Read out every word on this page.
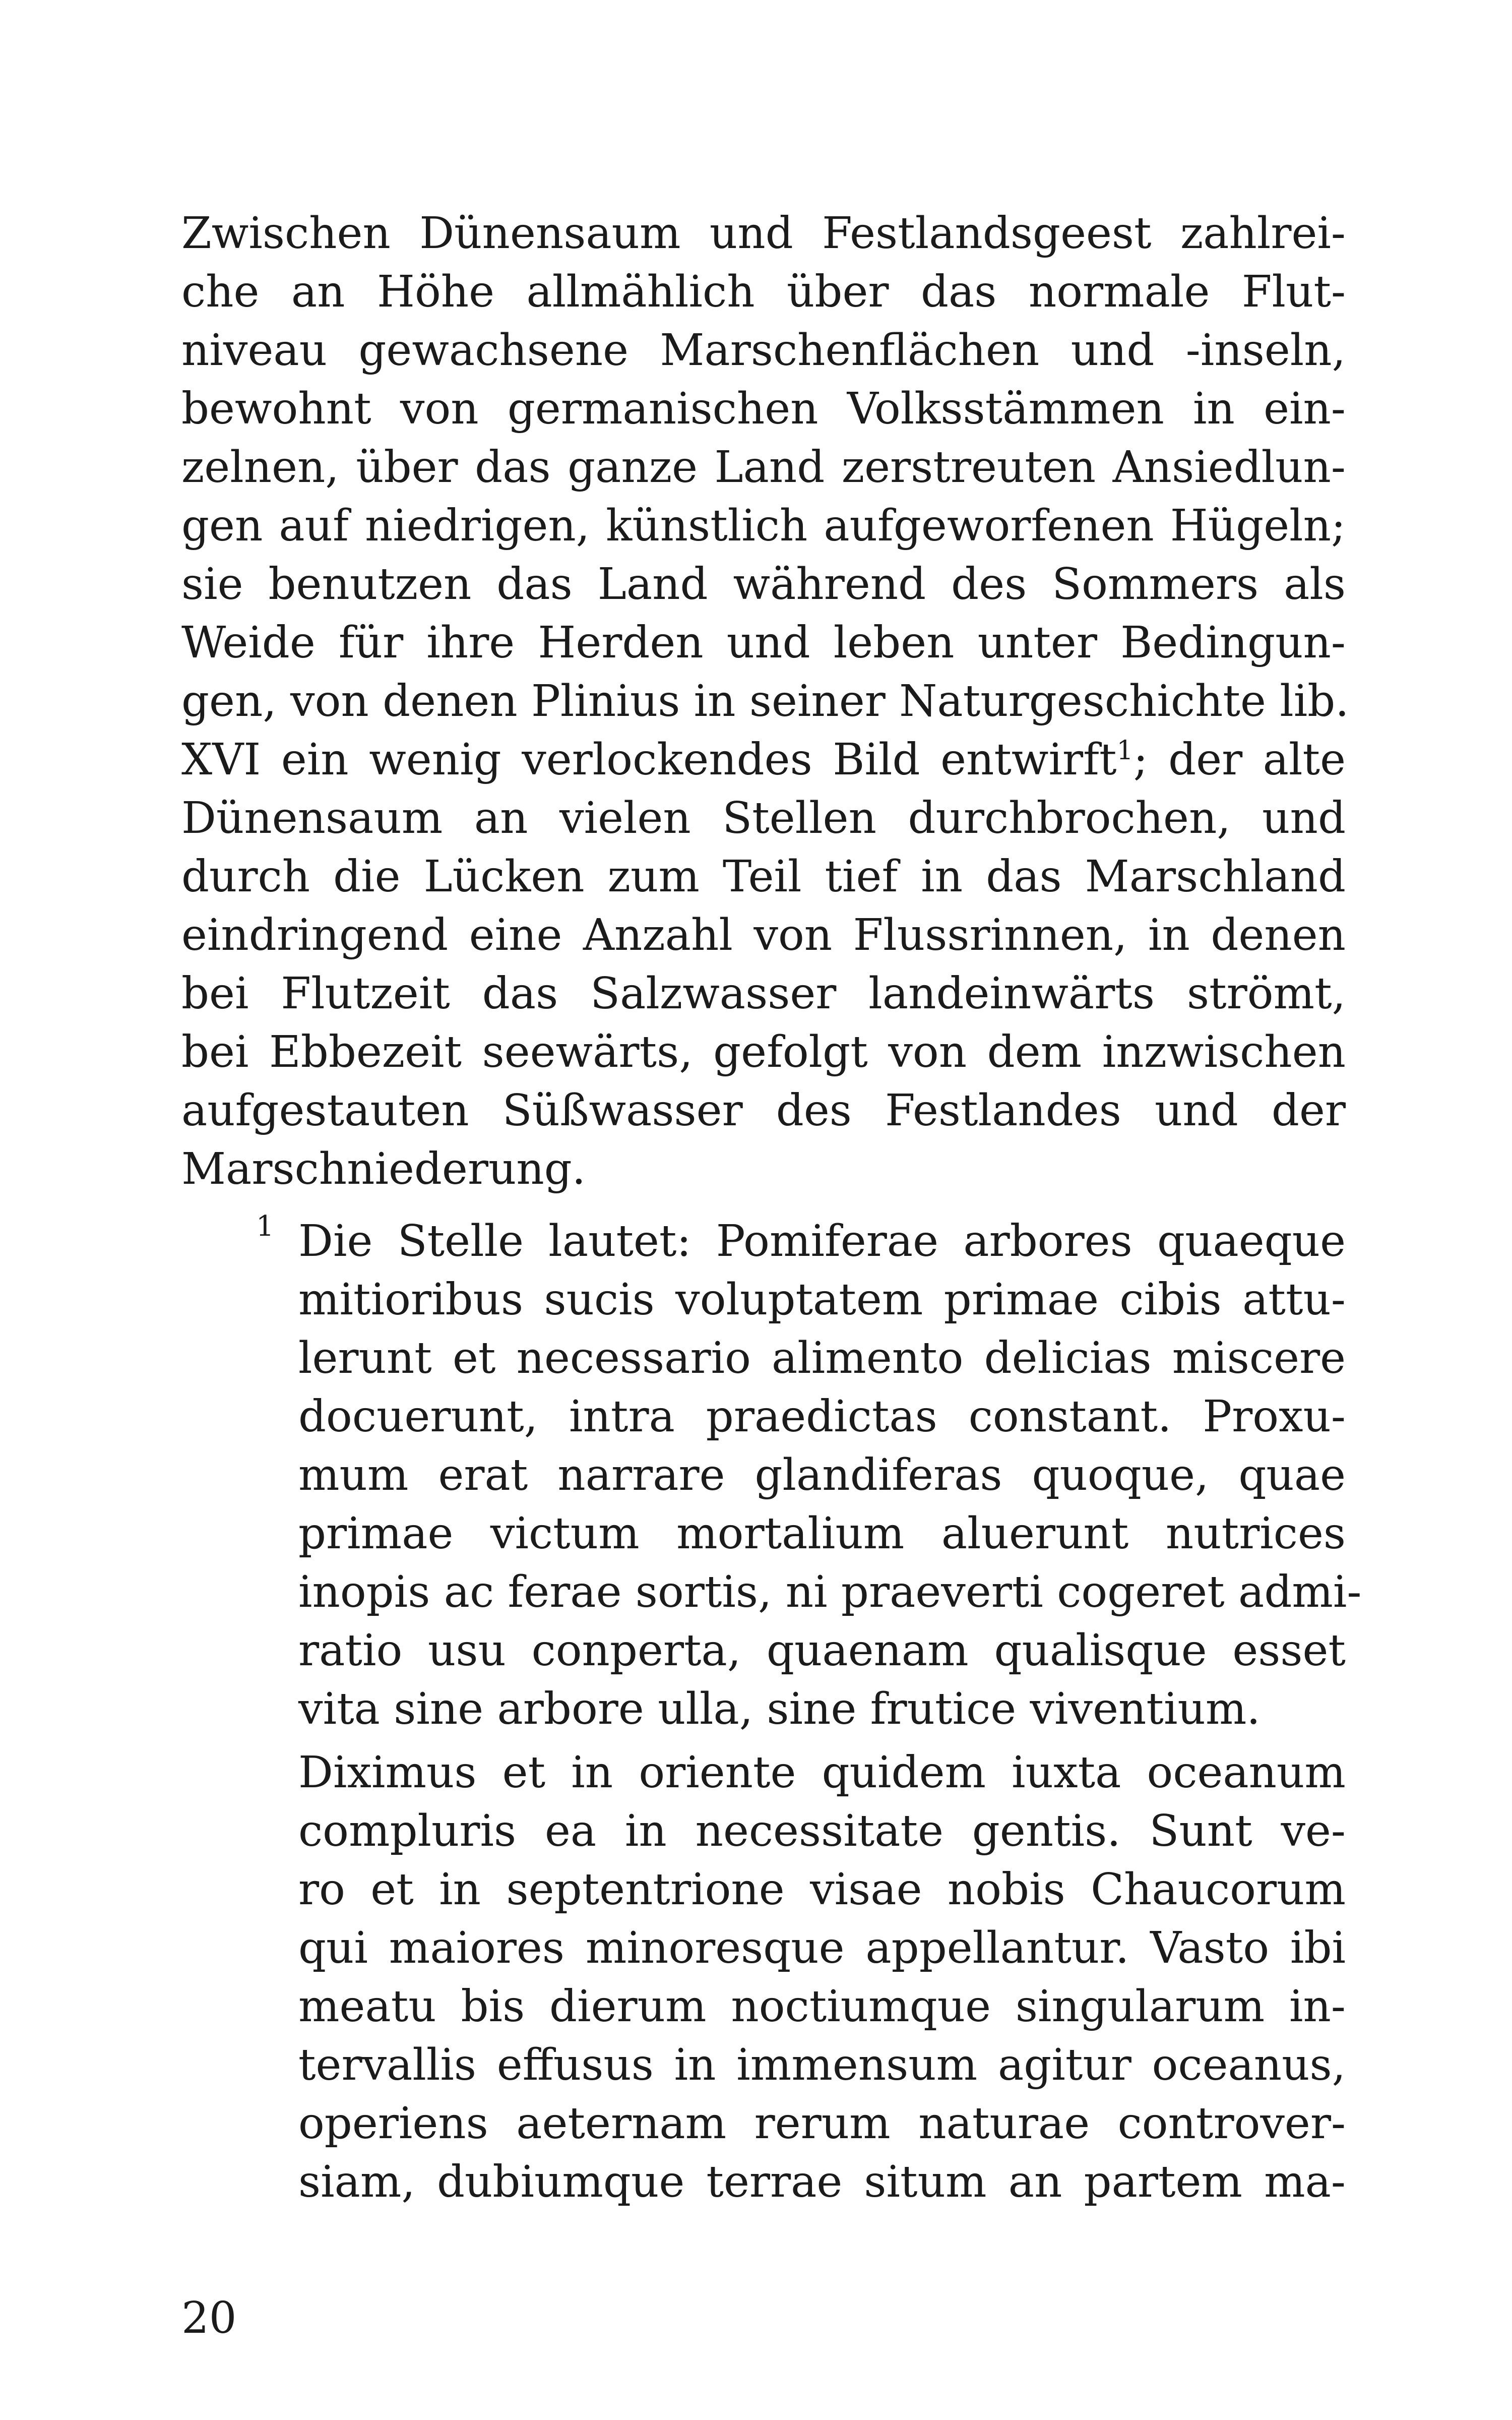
Zwischen Dünensaum und Festlandsgeest zahlrei-
che an Höhe allmählich über das normale Flut-
niveau gewachsene Marschenflächen und -inseln,
bewohnt von germanischen Volksstämmen in ein-
zelnen, über das ganze Land zerstreuten Ansiedlun-
gen auf niedrigen, künstlich aufgeworfenen Hügeln;
sie benutzen das Land während des Sommers als
Weide für ihre Herden und leben unter Bedingun-
gen, von denen Plinius in seiner Naturgeschichte lib.
XVI ein wenig verlockendes Bild entwirft$^1$; der alte
Dünensaum an vielen Stellen durchbrochen, und
durch die Lücken zum Teil tief in das Marschland
eindringend eine Anzahl von Flussrinnen, in denen
bei Flutzeit das Salzwasser landeinwärts strömt,
bei Ebbezeit seewärts, gefolgt von dem inzwischen
aufgestauten Süßwasser des Festlandes und der
Marschniederung.
1 Die Stelle lautet: Pomiferae arbores quaeque
mitioribus sucis voluptatem primae cibis attu-
lerunt et necessario alimento delicias miscere
docuerunt, intra praedictas constant. Proxu-
mum erat narrare glandiferas quoque, quae
primae victum mortalium aluerunt nutrices
inopis ac ferae sortis, ni praeverti cogeret admi-
ratio usu conperta, quaenam qualisque esset
vita sine arbore ulla, sine frutice viventium.
Diximus et in oriente quidem iuxta oceanum
compluris ea in necessitate gentis. Sunt ve-
ro et in septentrione visae nobis Chaucorum
qui maiores minoresque appellantur. Vasto ibi
meatu bis dierum noctiumque singularum in-
tervallis effusus in immensum agitur oceanus,
operiens aeternam rerum naturae controver-
siam, dubiumque terrae situm an partem ma-
20
